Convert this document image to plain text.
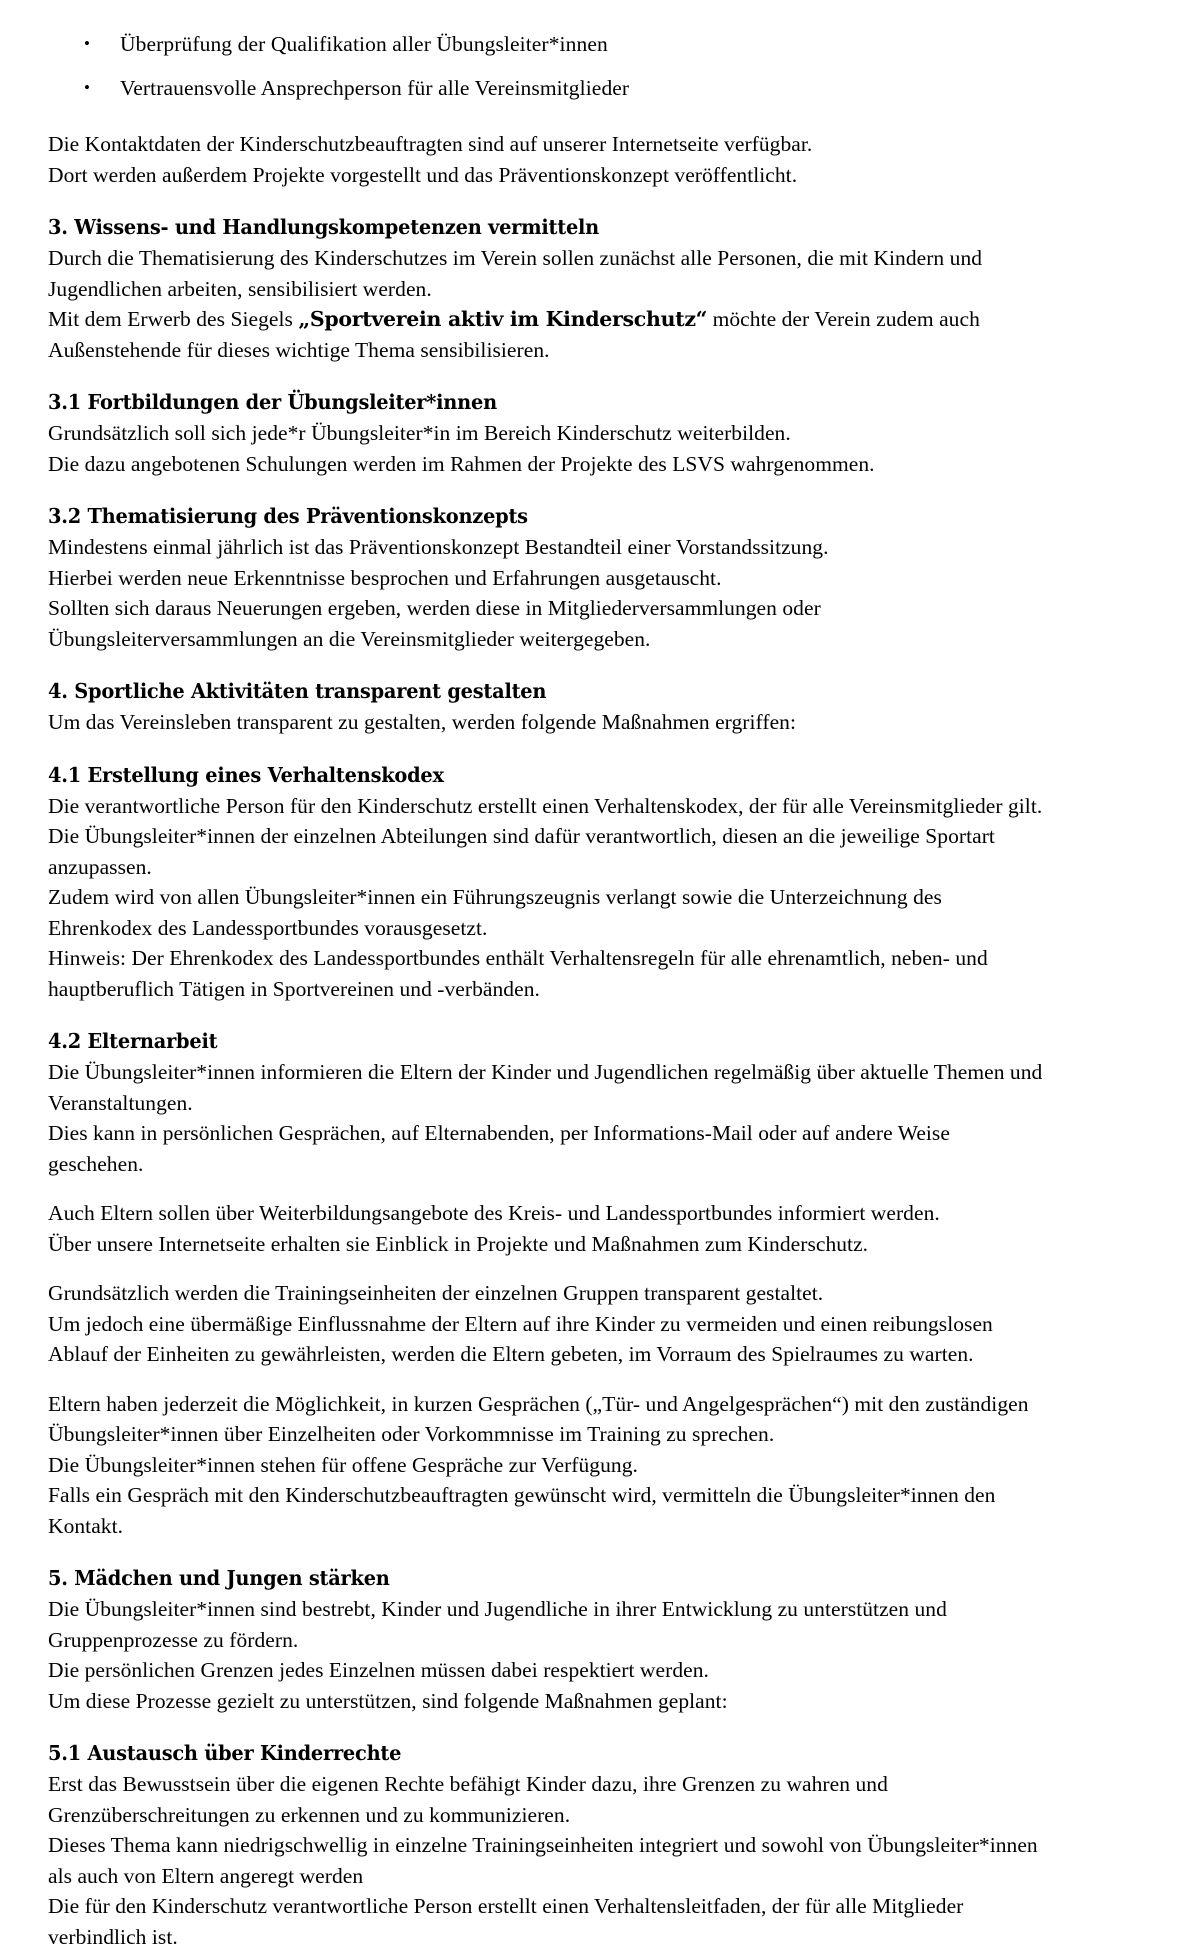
• Überprüfung der Qualifikation aller Übungsleiter*innen
• Vertrauensvolle Ansprechperson für alle Vereinsmitglieder

Die Kontaktdaten der Kinderschutzbeauftragten sind auf unserer Internetseite verfügbar.

Dort werden außerdem Projekte vorgestellt und das Präventionskonzept veröffentlicht.

3. Wissens- und Handlungskompetenzen vermitteln

Durch die Thematisierung des Kinderschutzes im Verein sollen zunächst alle Personen, die mit Kindern und Jugendlichen arbeiten, sensibilisiert werden.

Mit dem Erwerb des Siegels „Sportverein aktiv im Kinderschutz“ möchte der Verein zudem auch Außenstehende für dieses wichtige Thema sensibilisieren.

3.1 Fortbildungen der Übungsleiter*innen

Grundsätzlich soll sich jede*r Übungsleiter*in im Bereich Kinderschutz weiterbilden.

Die dazu angebotenen Schulungen werden im Rahmen der Projekte des LSVS wahrgenommen.

3.2 Thematisierung des Präventionskonzepts

Mindestens einmal jährlich ist das Präventionskonzept Bestandteil einer Vorstandssitzung.

Hierbei werden neue Erkenntnisse besprochen und Erfahrungen ausgetauscht.

Sollten sich daraus Neuerungen ergeben, werden diese in Mitgliederversammlungen oder Übungsleiterversammlungen an die Vereinsmitglieder weitergegeben.

4. Sportliche Aktivitäten transparent gestalten

Um das Vereinsleben transparent zu gestalten, werden folgende Maßnahmen ergriffen:

4.1 Erstellung eines Verhaltenskodex

Die verantwortliche Person für den Kinderschutz erstellt einen Verhaltenskodex, der für alle Vereinsmitglieder gilt.

Die Übungsleiter*innen der einzelnen Abteilungen sind dafür verantwortlich, diesen an die jeweilige Sportart anzupassen.

Zudem wird von allen Übungsleiter*innen ein Führungszeugnis verlangt sowie die Unterzeichnung des Ehrenkodex des Landessportbundes vorausgesetzt.

Hinweis: Der Ehrenkodex des Landessportbundes enthält Verhaltensregeln für alle ehrenamtlich, neben- und hauptberuflich Tätigen in Sportvereinen und -verbänden.

4.2 Elternarbeit

Die Übungsleiter*innen informieren die Eltern der Kinder und Jugendlichen regelmäßig über aktuelle Themen und Veranstaltungen.

Dies kann in persönlichen Gesprächen, auf Elternabenden, per Informations-Mail oder auf andere Weise geschehen.

Auch Eltern sollen über Weiterbildungsangebote des Kreis- und Landessportbundes informiert werden.

Über unsere Internetseite erhalten sie Einblick in Projekte und Maßnahmen zum Kinderschutz.

Grundsätzlich werden die Trainingseinheiten der einzelnen Gruppen transparent gestaltet.

Um jedoch eine übermäßige Einflussnahme der Eltern auf ihre Kinder zu vermeiden und einen reibungslosen Ablauf der Einheiten zu gewährleisten, werden die Eltern gebeten, im Vorraum des Spielraumes zu warten.

Eltern haben jederzeit die Möglichkeit, in kurzen Gesprächen („Tür- und Angelgesprächen“) mit den zuständigen Übungsleiter*innen über Einzelheiten oder Vorkommnisse im Training zu sprechen.

Die Übungsleiter*innen stehen für offene Gespräche zur Verfügung.

Falls ein Gespräch mit den Kinderschutzbeauftragten gewünscht wird, vermitteln die Übungsleiter*innen den Kontakt.

5. Mädchen und Jungen stärken

Die Übungsleiter*innen sind bestrebt, Kinder und Jugendliche in ihrer Entwicklung zu unterstützen und Gruppenprozesse zu fördern.

Die persönlichen Grenzen jedes Einzelnen müssen dabei respektiert werden.

Um diese Prozesse gezielt zu unterstützen, sind folgende Maßnahmen geplant:

5.1 Austausch über Kinderrechte

Erst das Bewusstsein über die eigenen Rechte befähigt Kinder dazu, ihre Grenzen zu wahren und Grenzüberschreitungen zu erkennen und zu kommunizieren.

Dieses Thema kann niedrigschwellig in einzelne Trainingseinheiten integriert und sowohl von Übungsleiter*innen als auch von Eltern angeregt werden

Die für den Kinderschutz verantwortliche Person erstellt einen Verhaltensleitfaden, der für alle Mitglieder verbindlich ist.
